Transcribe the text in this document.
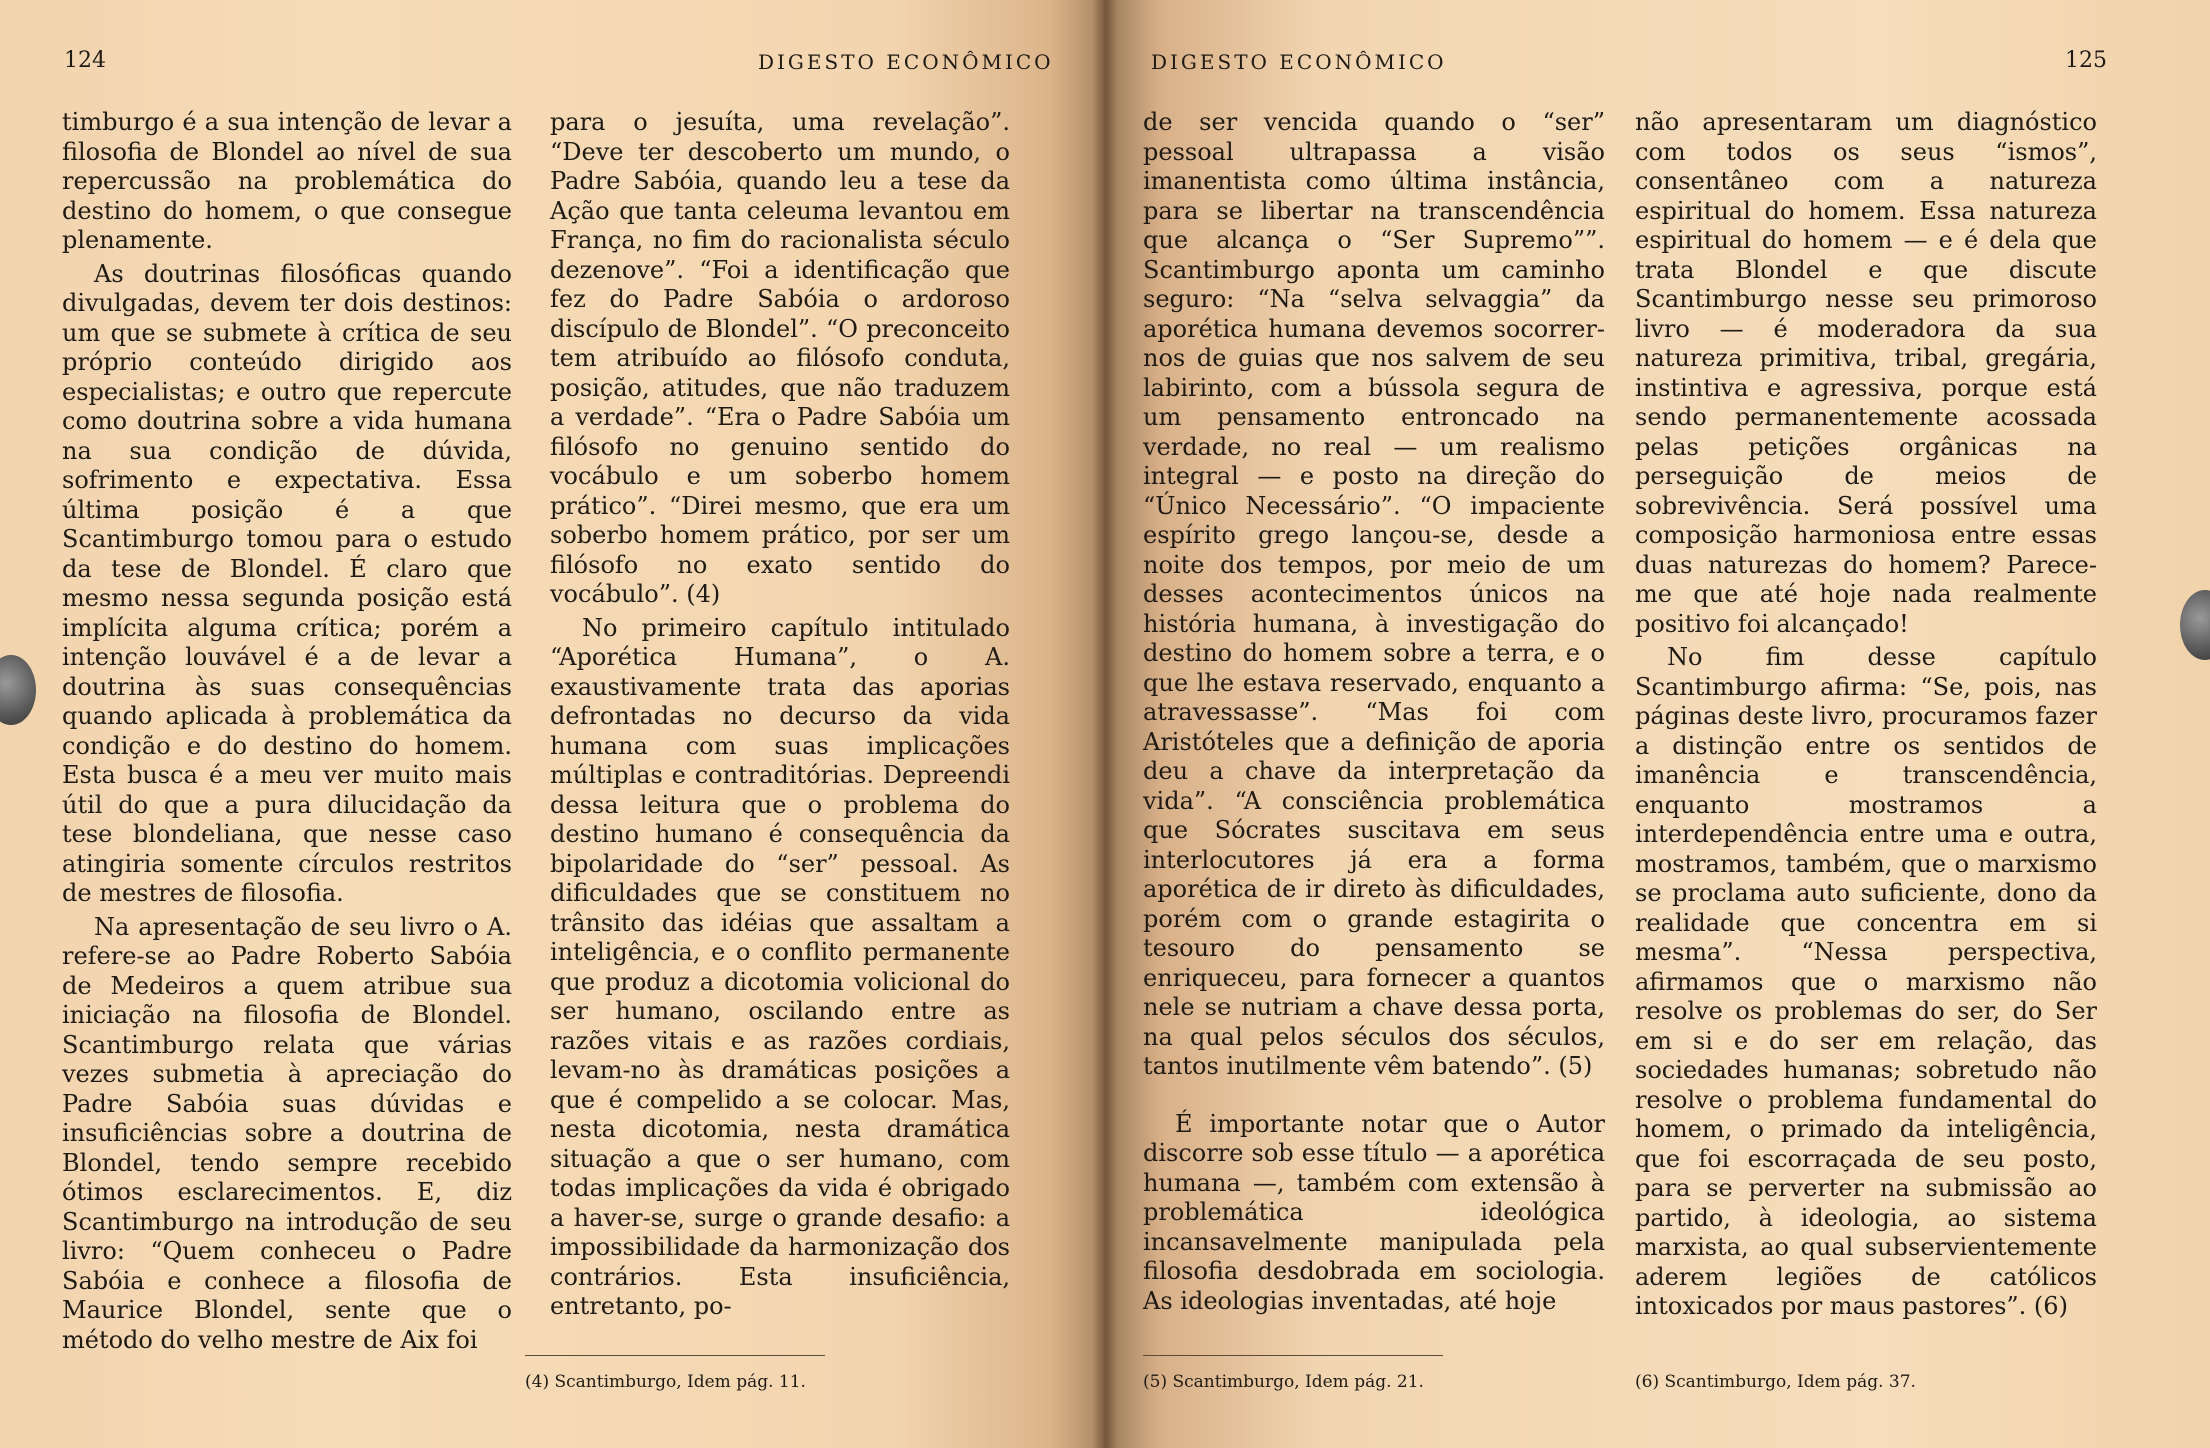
124	DIGESTO ECONÔMICO

timburgo é a sua intenção de levar a filosofia de Blondel ao nível de sua repercussão na problemática do destino do homem, o que consegue plenamente.

As doutrinas filosóficas quando divulgadas, devem ter dois destinos: um que se submete à crítica de seu próprio conteúdo dirigido aos especialistas; e outro que repercute como doutrina sobre a vida humana na sua condição de dúvida, sofrimento e expectativa. Essa última posição é a que Scantimburgo tomou para o estudo da tese de Blondel. É claro que mesmo nessa segunda posição está implícita alguma crítica; porém a intenção louvável é a de levar a doutrina às suas consequências quando aplicada à problemática da condição e do destino do homem. Esta busca é a meu ver muito mais útil do que a pura dilucidação da tese blondeliana, que nesse caso atingiria somente círculos restritos de mestres de filosofia.

Na apresentação de seu livro o A. refere-se ao Padre Roberto Sabóia de Medeiros a quem atribue sua iniciação na filosofia de Blondel. Scantimburgo relata que várias vezes submetia à apreciação do Padre Sabóia suas dúvidas e insuficiências sobre a doutrina de Blondel, tendo sempre recebido ótimos esclarecimentos. E, diz Scantimburgo na introdução de seu livro: “Quem conheceu o Padre Sabóia e conhece a filosofia de Maurice Blondel, sente que o método do velho mestre de Aix foi

para o jesuíta, uma revelação”. “Deve ter descoberto um mundo, o Padre Sabóia, quando leu a tese da Ação que tanta celeuma levantou em França, no fim do racionalista século dezenove”. “Foi a identificação que fez do Padre Sabóia o ardoroso discípulo de Blondel”. “O preconceito tem atribuído ao filósofo conduta, posição, atitudes, que não traduzem a verdade”. “Era o Padre Sabóia um filósofo no genuino sentido do vocábulo e um soberbo homem prático”. “Direi mesmo, que era um soberbo homem prático, por ser um filósofo no exato sentido do vocábulo”. (4)

No primeiro capítulo intitulado “Aporética Humana”, o A. exaustivamente trata das aporias defrontadas no decurso da vida humana com suas implicações múltiplas e contraditórias. Depreendi dessa leitura que o problema do destino humano é consequência da bipolaridade do “ser” pessoal. As dificuldades que se constituem no trânsito das idéias que assaltam a inteligência, e o conflito permanente que produz a dicotomia volicional do ser humano, oscilando entre as razões vitais e as razões cordiais, levam-no às dramáticas posições a que é compelido a se colocar. Mas, nesta dicotomia, nesta dramática situação a que o ser humano, com todas implicações da vida é obrigado a haver-se, surge o grande desafio: a impossibilidade da harmonização dos contrários. Esta insuficiência, entretanto, po-

(4) Scantimburgo, Idem pág. 11.
DIGESTO ECONÔMICO	125

de ser vencida quando o “ser” pessoal ultrapassa a visão imanentista como última instância, para se libertar na transcendência que alcança o “Ser Supremo””. Scantimburgo aponta um caminho seguro: “Na “selva selvaggia” da aporética humana devemos socorrer-nos de guias que nos salvem de seu labirinto, com a bússola segura de um pensamento entroncado na verdade, no real — um realismo integral — e posto na direção do “Único Necessário”. “O impaciente espírito grego lançou-se, desde a noite dos tempos, por meio de um desses acontecimentos únicos na história humana, à investigação do destino do homem sobre a terra, e o que lhe estava reservado, enquanto a atravessasse”. “Mas foi com Aristóteles que a definição de aporia deu a chave da interpretação da vida”. “A consciência problemática que Sócrates suscitava em seus interlocutores já era a forma aporética de ir direto às dificuldades, porém com o grande estagirita o tesouro do pensamento se enriqueceu, para fornecer a quantos nele se nutriam a chave dessa porta, na qual pelos séculos dos séculos, tantos inutilmente vêm batendo”. (5)

É importante notar que o Autor discorre sob esse título — a aporética humana —, também com extensão à problemática ideológica incansavelmente manipulada pela filosofia desdobrada em sociologia. As ideologias inventadas, até hoje

não apresentaram um diagnóstico com todos os seus “ismos”, consentâneo com a natureza espiritual do homem. Essa natureza espiritual do homem — e é dela que trata Blondel e que discute Scantimburgo nesse seu primoroso livro — é moderadora da sua natureza primitiva, tribal, gregária, instintiva e agressiva, porque está sendo permanentemente acossada pelas petições orgânicas na perseguição de meios de sobrevivência. Será possível uma composição harmoniosa entre essas duas naturezas do homem? Parece-me que até hoje nada realmente positivo foi alcançado!

No fim desse capítulo Scantimburgo afirma: “Se, pois, nas páginas deste livro, procuramos fazer a distinção entre os sentidos de imanência e transcendência, enquanto mostramos a interdependência entre uma e outra, mostramos, também, que o marxismo se proclama auto suficiente, dono da realidade que concentra em si mesma”. “Nessa perspectiva, afirmamos que o marxismo não resolve os problemas do ser, do Ser em si e do ser em relação, das sociedades humanas; sobretudo não resolve o problema fundamental do homem, o primado da inteligência, que foi escorraçada de seu posto, para se perverter na submissão ao partido, à ideologia, ao sistema marxista, ao qual subservientemente aderem legiões de católicos intoxicados por maus pastores”. (6)

(5) Scantimburgo, Idem pág. 21.	(6) Scantimburgo, Idem pág. 37.
